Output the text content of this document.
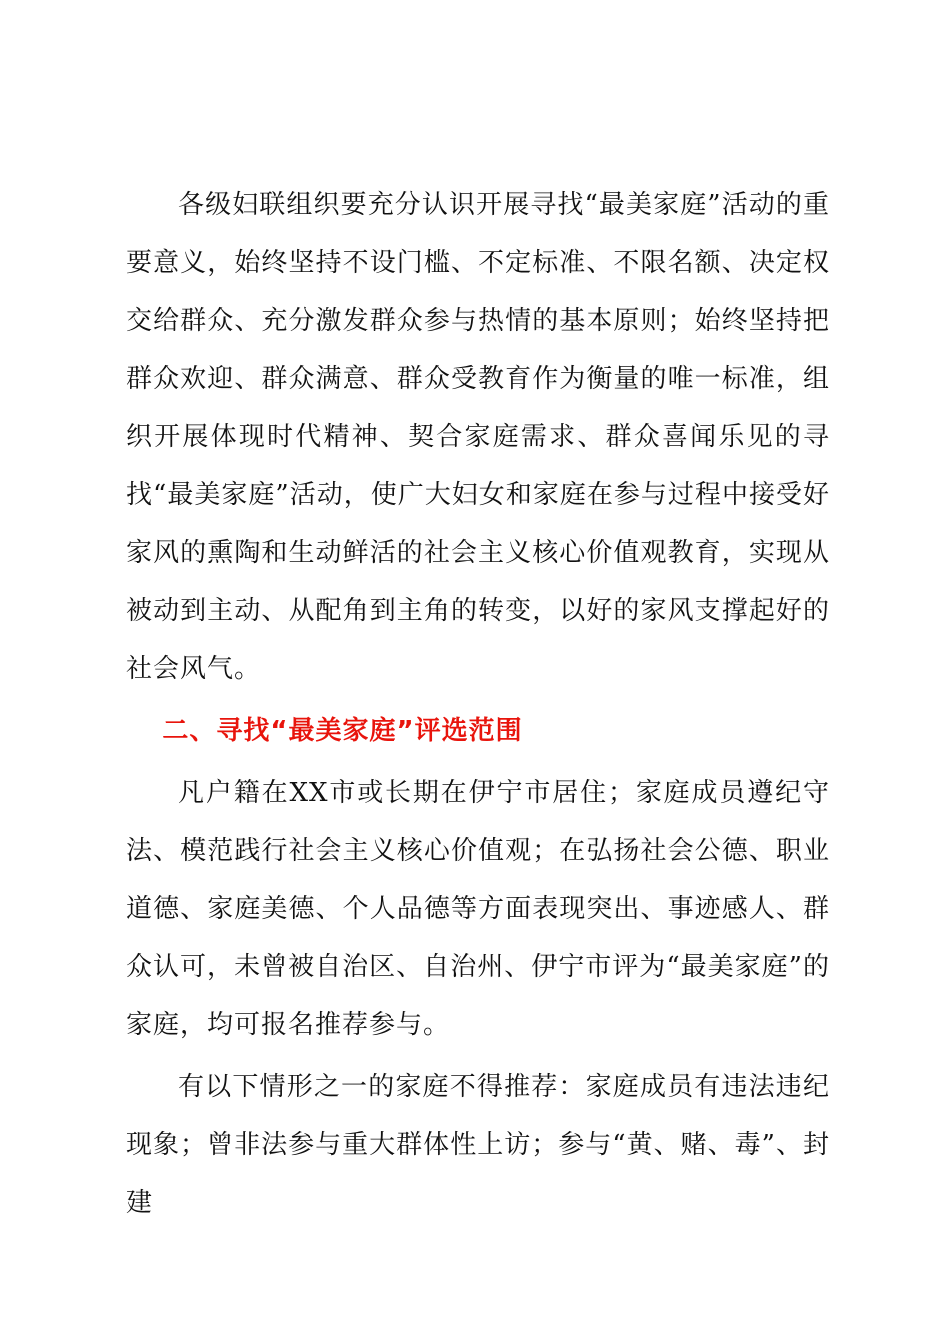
各级妇联组织要充分认识开展寻找“最美家庭”活动的重要意义，始终坚持不设门槛、不定标准、不限名额、决定权交给群众、充分激发群众参与热情的基本原则；始终坚持把群众欢迎、群众满意、群众受教育作为衡量的唯一标准，组织开展体现时代精神、契合家庭需求、群众喜闻乐见的寻找“最美家庭”活动，使广大妇女和家庭在参与过程中接受好家风的熏陶和生动鲜活的社会主义核心价值观教育，实现从被动到主动、从配角到主角的转变，以好的家风支撑起好的社会风气。

二、寻找“最美家庭”评选范围

凡户籍在XX市或长期在伊宁市居住；家庭成员遵纪守法、模范践行社会主义核心价值观；在弘扬社会公德、职业道德、家庭美德、个人品德等方面表现突出、事迹感人、群众认可，未曾被自治区、自治州、伊宁市评为“最美家庭”的家庭，均可报名推荐参与。

有以下情形之一的家庭不得推荐：家庭成员有违法违纪现象；曾非法参与重大群体性上访；参与“黄、赌、毒”、封建
